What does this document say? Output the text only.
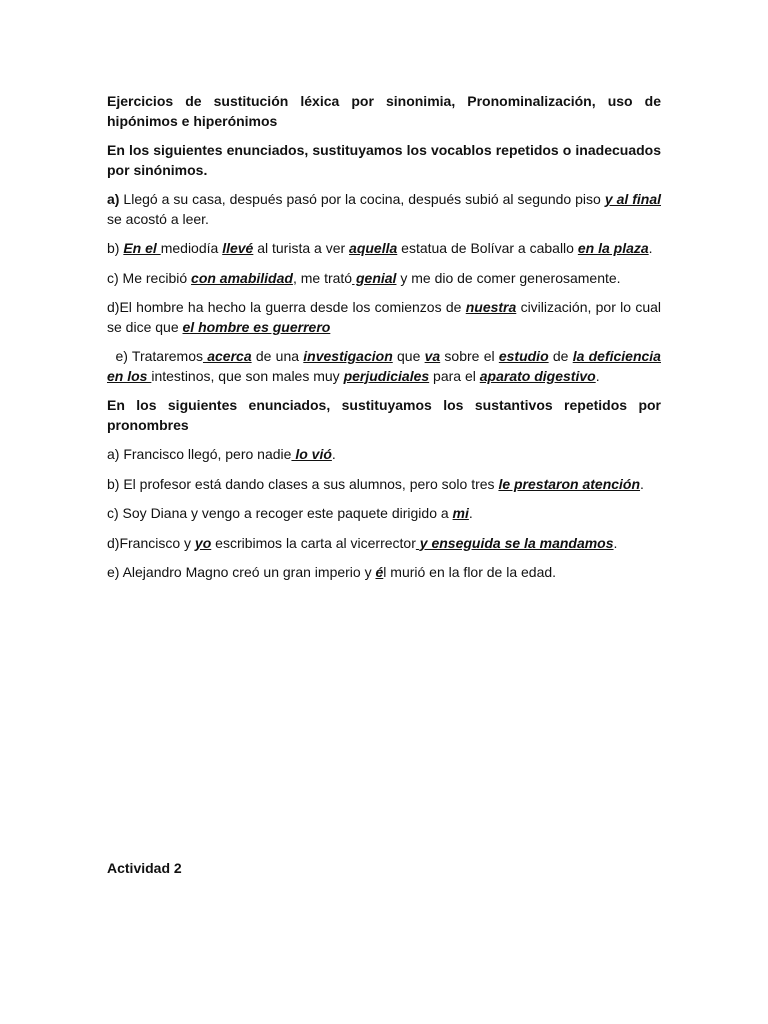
Ejercicios de sustitución léxica por sinonimia, Pronominalización, uso de hipónimos e hiperónimos

En los siguientes enunciados, sustituyamos los vocablos repetidos o inadecuados por sinónimos.

a) Llegó a su casa, después pasó por la cocina, después subió al segundo piso y al final se acostó a leer.

b) En el mediodía llevé al turista a ver aquella estatua de Bolívar a caballo en la plaza.

c) Me recibió con amabilidad, me trató genial y me dio de comer generosamente.

d)El hombre ha hecho la guerra desde los comienzos de nuestra civilización, por lo cual se dice que el hombre es guerrero

e) Trataremos acerca de una investigacion que va sobre el estudio de la deficiencia en los intestinos, que son males muy perjudiciales para el aparato digestivo.

En los siguientes enunciados, sustituyamos los sustantivos repetidos por pronombres

a) Francisco llegó, pero nadie lo vió.

b) El profesor está dando clases a sus alumnos, pero solo tres le prestaron atención.

c) Soy Diana y vengo a recoger este paquete dirigido a mi.

d)Francisco y yo escribimos la carta al vicerrector y enseguida se la mandamos.

e) Alejandro Magno creó un gran imperio y él murió en la flor de la edad.

Actividad 2
